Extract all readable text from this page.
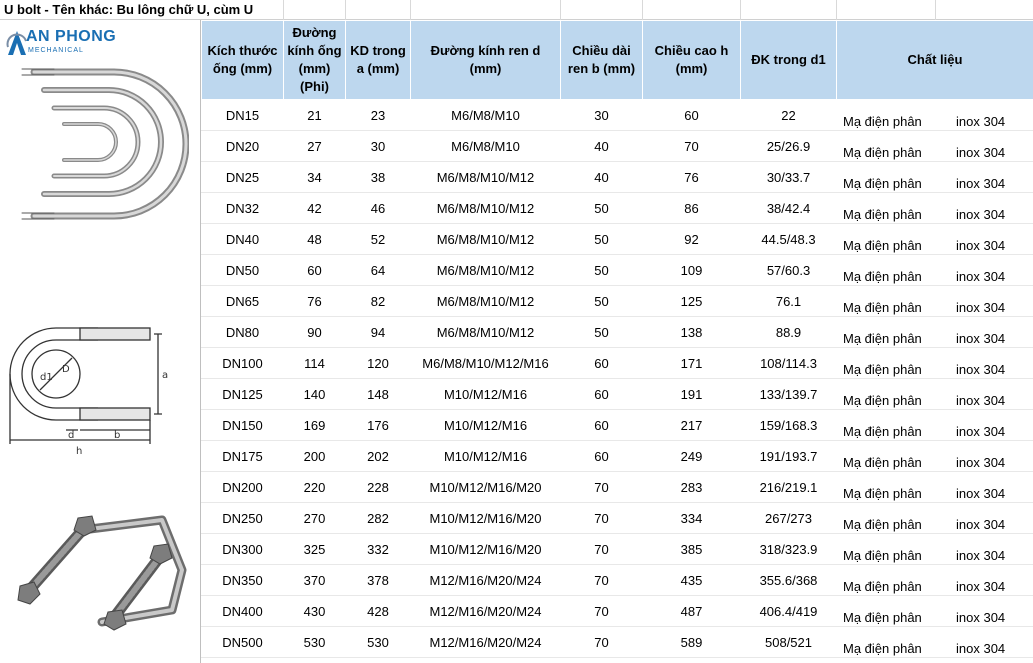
U bolt - Tên khác: Bu lông chữ U, cùm U
AN PHONG
MECHANICAL
d1
D
a
d	b
h
Kích thước ống (mm)	Đường kính ống (mm) (Phi)	KD trong a (mm)	Đường kính ren d (mm)	Chiều dài ren b (mm)	Chiều cao h (mm)	ĐK trong d1	Chất liệu	
DN15	21	23	M6/M8/M10	30	60	22	Mạ điện phân	inox 304
DN20	27	30	M6/M8/M10	40	70	25/26.9	Mạ điện phân	inox 304
DN25	34	38	M6/M8/M10/M12	40	76	30/33.7	Mạ điện phân	inox 304
DN32	42	46	M6/M8/M10/M12	50	86	38/42.4	Mạ điện phân	inox 304
DN40	48	52	M6/M8/M10/M12	50	92	44.5/48.3	Mạ điện phân	inox 304
DN50	60	64	M6/M8/M10/M12	50	109	57/60.3	Mạ điện phân	inox 304
DN65	76	82	M6/M8/M10/M12	50	125	76.1	Mạ điện phân	inox 304
DN80	90	94	M6/M8/M10/M12	50	138	88.9	Mạ điện phân	inox 304
DN100	114	120	M6/M8/M10/M12/M16	60	171	108/114.3	Mạ điện phân	inox 304
DN125	140	148	M10/M12/M16	60	191	133/139.7	Mạ điện phân	inox 304
DN150	169	176	M10/M12/M16	60	217	159/168.3	Mạ điện phân	inox 304
DN175	200	202	M10/M12/M16	60	249	191/193.7	Mạ điện phân	inox 304
DN200	220	228	M10/M12/M16/M20	70	283	216/219.1	Mạ điện phân	inox 304
DN250	270	282	M10/M12/M16/M20	70	334	267/273	Mạ điện phân	inox 304
DN300	325	332	M10/M12/M16/M20	70	385	318/323.9	Mạ điện phân	inox 304
DN350	370	378	M12/M16/M20/M24	70	435	355.6/368	Mạ điện phân	inox 304
DN400	430	428	M12/M16/M20/M24	70	487	406.4/419	Mạ điện phân	inox 304
DN500	530	530	M12/M16/M20/M24	70	589	508/521	Mạ điện phân	inox 304
